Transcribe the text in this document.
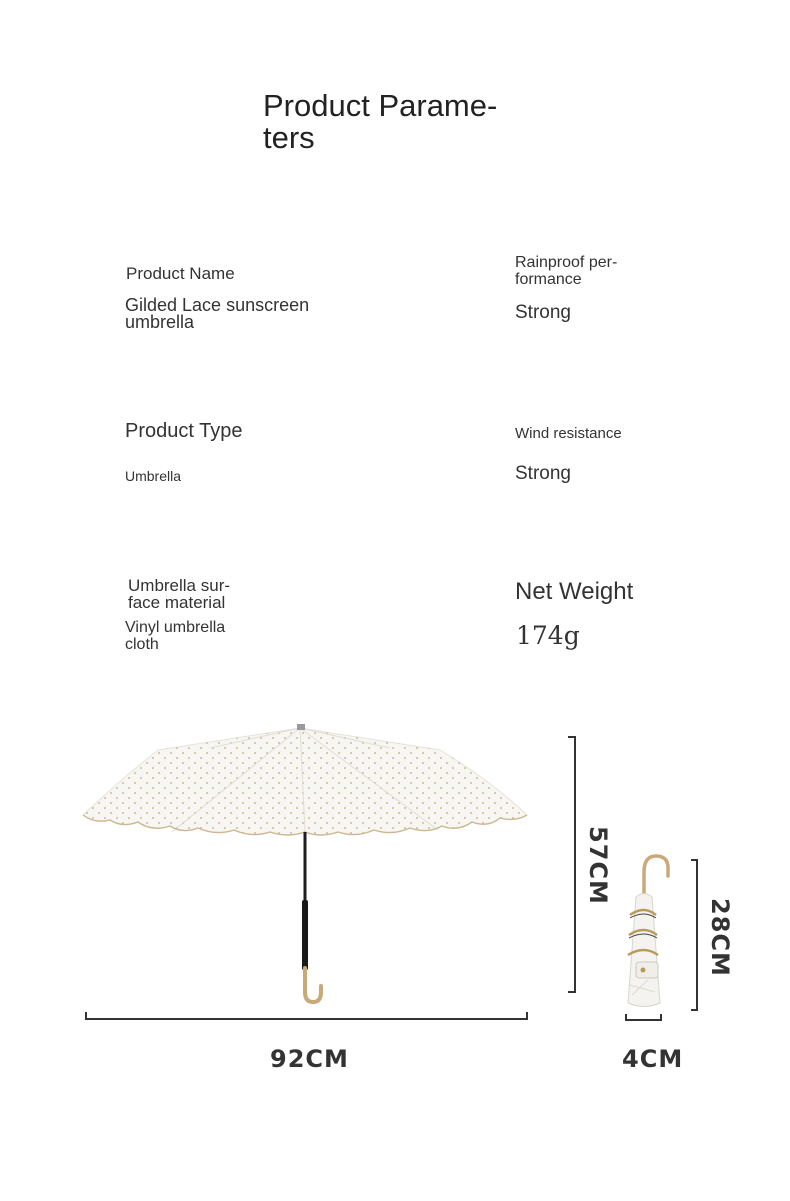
Product Parame-
ters
Product Name
Gilded Lace sunscreen
umbrella
Rainproof per-
formance
Strong
Product Type
Umbrella
Wind resistance
Strong
Umbrella sur-
face material
Vinyl umbrella
cloth
Net Weight
174g
57CM
92CM
28CM
4CM
